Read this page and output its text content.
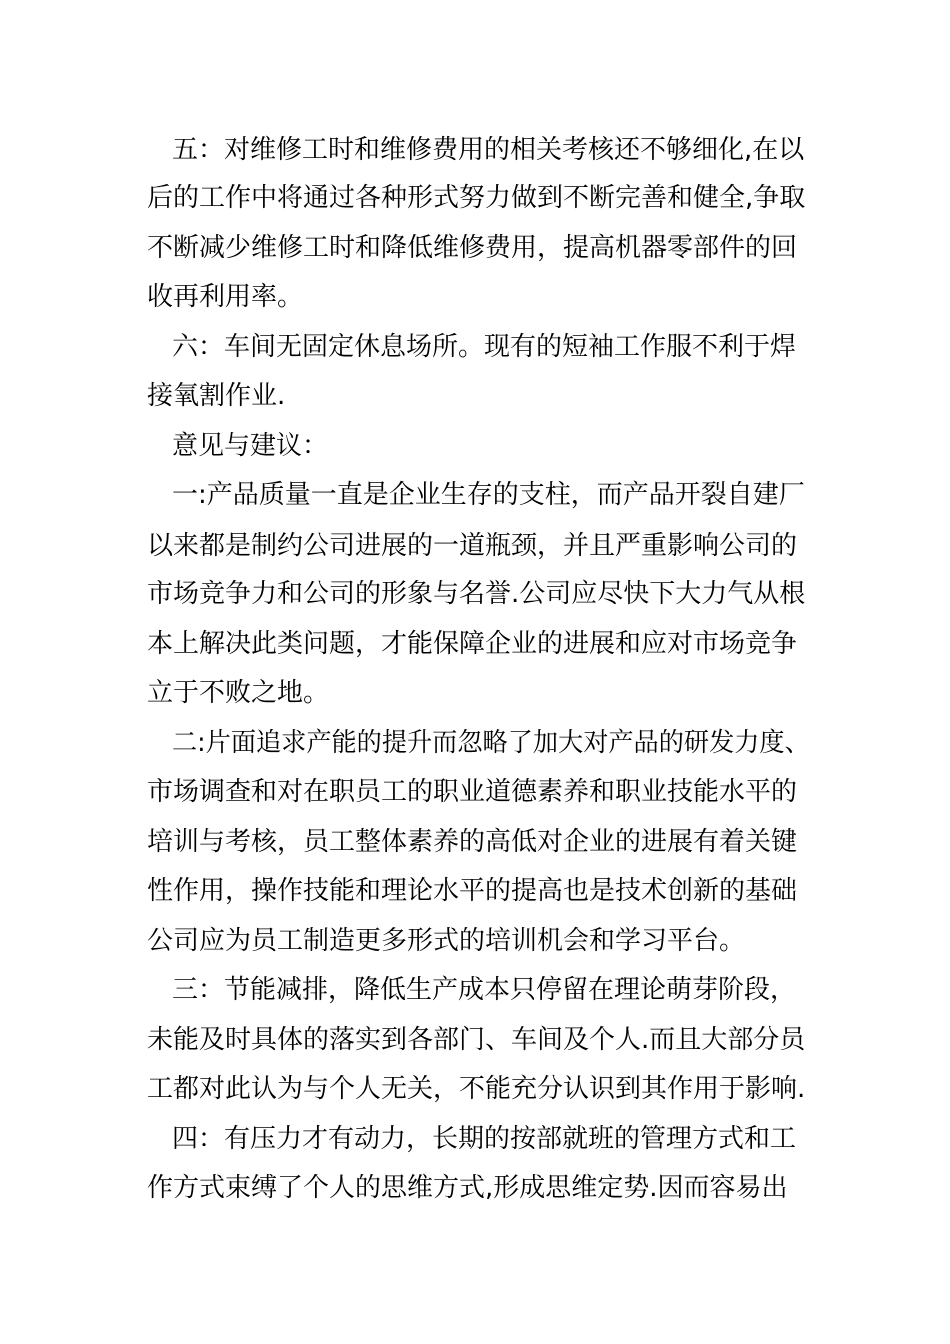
五：对维修工时和维修费用的相关考核还不够细化,在以
后的工作中将通过各种形式努力做到不断完善和健全,争取
不断减少维修工时和降低维修费用，提高机器零部件的回
收再利用率。
六：车间无固定休息场所。现有的短袖工作服不利于焊
接氧割作业.
意见与建议：
一:产品质量一直是企业生存的支柱，而产品开裂自建厂
以来都是制约公司进展的一道瓶颈，并且严重影响公司的
市场竞争力和公司的形象与名誉.公司应尽快下大力气从根
本上解决此类问题，才能保障企业的进展和应对市场竞争
立于不败之地。
二:片面追求产能的提升而忽略了加大对产品的研发力度、
市场调查和对在职员工的职业道德素养和职业技能水平的
培训与考核，员工整体素养的高低对企业的进展有着关键
性作用，操作技能和理论水平的提高也是技术创新的基础
公司应为员工制造更多形式的培训机会和学习平台。
三：节能减排，降低生产成本只停留在理论萌芽阶段，
未能及时具体的落实到各部门、车间及个人.而且大部分员
工都对此认为与个人无关，不能充分认识到其作用于影响.
四：有压力才有动力，长期的按部就班的管理方式和工
作方式束缚了个人的思维方式,形成思维定势.因而容易出
